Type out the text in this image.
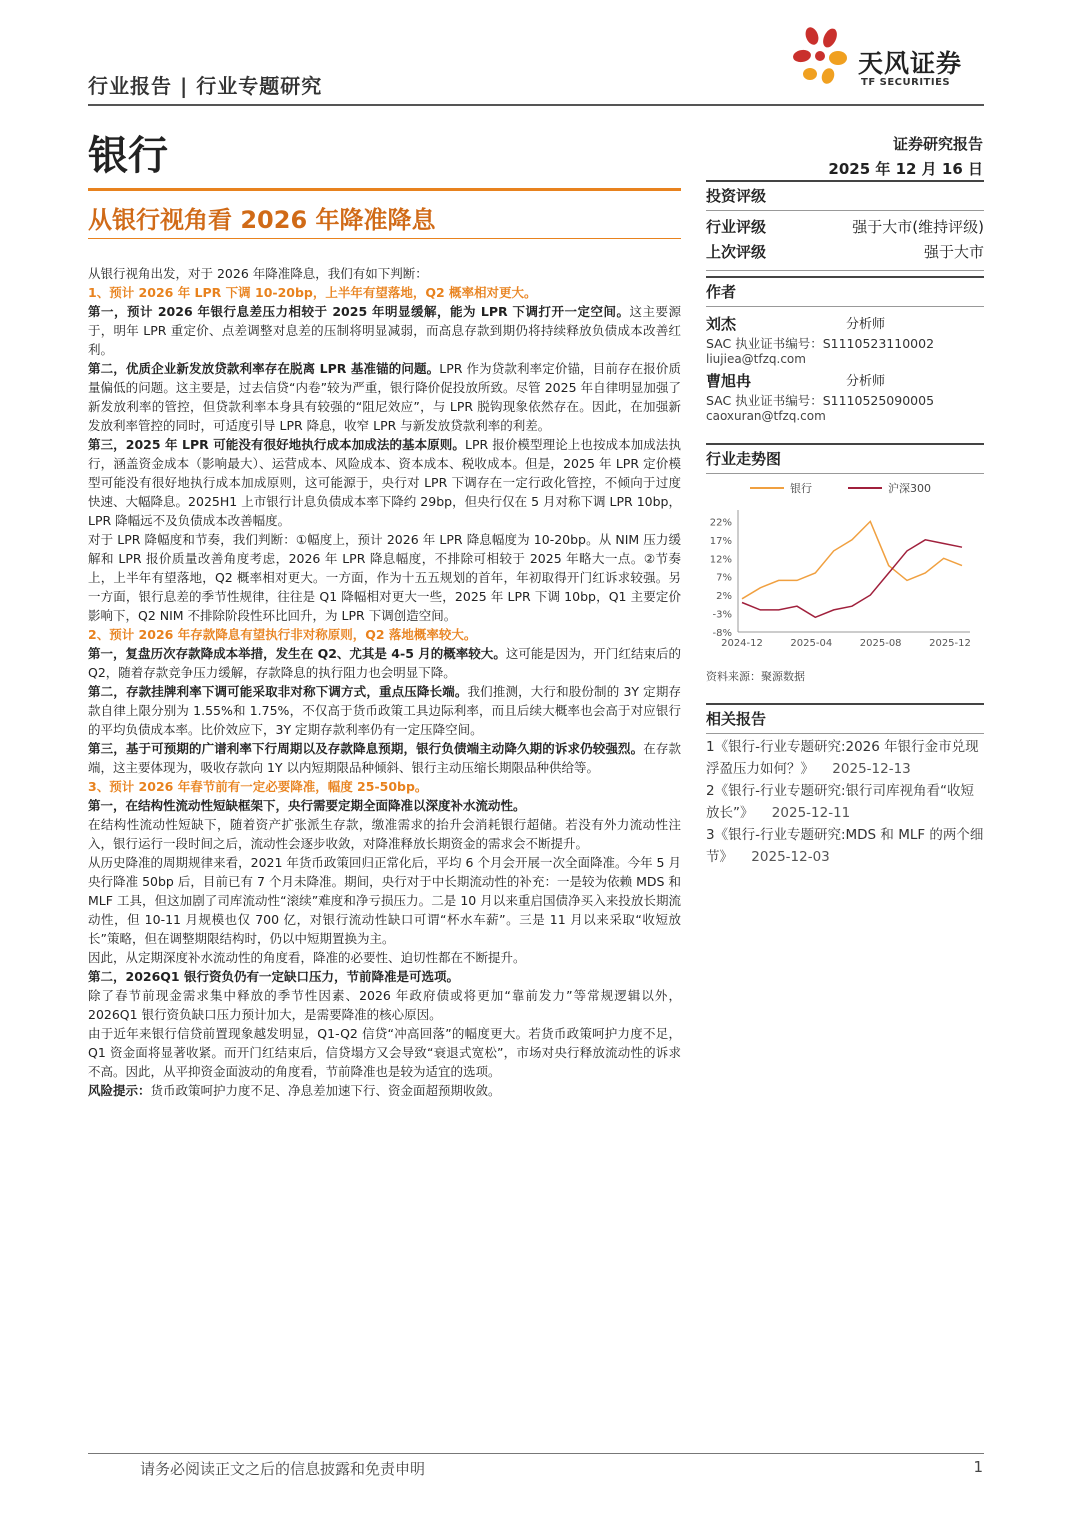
行业报告 | 行业专题研究
天风证券
TF SECURITIES
银行	证券研究报告
2025 年 12 月 16 日
从银行视角看 2026 年降准降息

从银行视角出发，对于 2026 年降准降息，我们有如下判断：

1、预计 2026 年 LPR 下调 10-20bp，上半年有望落地，Q2 概率相对更大。

第一，预计 2026 年银行息差压力相较于 2025 年明显缓解，能为 LPR 下调打开一定空间。这主要源于，明年 LPR 重定价、点差调整对息差的压制将明显减弱，而高息存款到期仍将持续释放负债成本改善红利。

第二，优质企业新发放贷款利率存在脱离 LPR 基准锚的问题。LPR 作为贷款利率定价锚，目前存在报价质量偏低的问题。这主要是，过去信贷“内卷”较为严重，银行降价促投放所致。尽管 2025 年自律明显加强了新发放利率的管控，但贷款利率本身具有较强的“阻尼效应”，与 LPR 脱钩现象依然存在。因此，在加强新发放利率管控的同时，可适度引导 LPR 降息，收窄 LPR 与新发放贷款利率的利差。

第三，2025 年 LPR 可能没有很好地执行成本加成法的基本原则。LPR 报价模型理论上也按成本加成法执行，涵盖资金成本（影响最大）、运营成本、风险成本、资本成本、税收成本。但是，2025 年 LPR 定价模型可能没有很好地执行成本加成原则，这可能源于，央行对 LPR 下调存在一定行政化管控，不倾向于过度快速、大幅降息。2025H1 上市银行计息负债成本率下降约 29bp，但央行仅在 5 月对称下调 LPR 10bp，LPR 降幅远不及负债成本改善幅度。

对于 LPR 降幅度和节奏，我们判断：①幅度上，预计 2026 年 LPR 降息幅度为 10-20bp。从 NIM 压力缓解和 LPR 报价质量改善角度考虑，2026 年 LPR 降息幅度，不排除可相较于 2025 年略大一点。②节奏上，上半年有望落地，Q2 概率相对更大。一方面，作为十五五规划的首年，年初取得开门红诉求较强。另一方面，银行息差的季节性规律，往往是 Q1 降幅相对更大一些，2025 年 LPR 下调 10bp，Q1 主要定价影响下，Q2 NIM 不排除阶段性环比回升，为 LPR 下调创造空间。

2、预计 2026 年存款降息有望执行非对称原则，Q2 落地概率较大。

第一，复盘历次存款降成本举措，发生在 Q2、尤其是 4-5 月的概率较大。这可能是因为，开门红结束后的 Q2，随着存款竞争压力缓解，存款降息的执行阻力也会明显下降。

第二，存款挂牌利率下调可能采取非对称下调方式，重点压降长端。我们推测，大行和股份制的 3Y 定期存款自律上限分别为 1.55%和 1.75%，不仅高于货币政策工具边际利率，而且后续大概率也会高于对应银行的平均负债成本率。比价效应下，3Y 定期存款利率仍有一定压降空间。

第三，基于可预期的广谱利率下行周期以及存款降息预期，银行负债端主动降久期的诉求仍较强烈。在存款端，这主要体现为，吸收存款向 1Y 以内短期限品种倾斜、银行主动压缩长期限品种供给等。

3、预计 2026 年春节前有一定必要降准，幅度 25-50bp。

第一，在结构性流动性短缺框架下，央行需要定期全面降准以深度补水流动性。

在结构性流动性短缺下，随着资产扩张派生存款，缴准需求的抬升会消耗银行超储。若没有外力流动性注入，银行运行一段时间之后，流动性会逐步收敛，对降准释放长期资金的需求会不断提升。

从历史降准的周期规律来看，2021 年货币政策回归正常化后，平均 6 个月会开展一次全面降准。今年 5 月央行降准 50bp 后，目前已有 7 个月未降准。期间，央行对于中长期流动性的补充：一是较为依赖 MDS 和 MLF 工具，但这加剧了司库流动性“滚续”难度和净亏损压力。二是 10 月以来重启国债净买入来投放长期流动性，但 10-11 月规模也仅 700 亿，对银行流动性缺口可谓“杯水车薪”。三是 11 月以来采取“收短放长”策略，但在调整期限结构时，仍以中短期置换为主。

因此，从定期深度补水流动性的角度看，降准的必要性、迫切性都在不断提升。

第二，2026Q1 银行资负仍有一定缺口压力，节前降准是可选项。

除了春节前现金需求集中释放的季节性因素、2026 年政府债或将更加“靠前发力”等常规逻辑以外，2026Q1 银行资负缺口压力预计加大，是需要降准的核心原因。

由于近年来银行信贷前置现象越发明显，Q1-Q2 信贷“冲高回落”的幅度更大。若货币政策呵护力度不足，Q1 资金面将显著收紧。而开门红结束后，信贷塌方又会导致“衰退式宽松”，市场对央行释放流动性的诉求不高。因此，从平抑资金面波动的角度看，节前降准也是较为适宜的选项。

风险提示：货币政策呵护力度不足、净息差加速下行、资金面超预期收敛。

投资评级
行业评级	强于大市(维持评级)
上次评级	强于大市
作者
刘杰	分析师
SAC 执业证书编号：S1110523110002
liujiea@tfzq.com
曹旭冉	分析师
SAC 执业证书编号：S1110525090005
caoxuran@tfzq.com
行业走势图
银行	沪深300
22%
17%
12%
7%
2%
-3%
-8%
2024-12	2025-04	2025-08	2025-12
资料来源：聚源数据
相关报告
1《银行-行业专题研究:2026 年银行金市兑现浮盈压力如何？》 2025-12-13
2《银行-行业专题研究:银行司库视角看“收短放长”》 2025-12-11
3《银行-行业专题研究:MDS 和 MLF 的两个细节》 2025-12-03
请务必阅读正文之后的信息披露和免责申明	1
